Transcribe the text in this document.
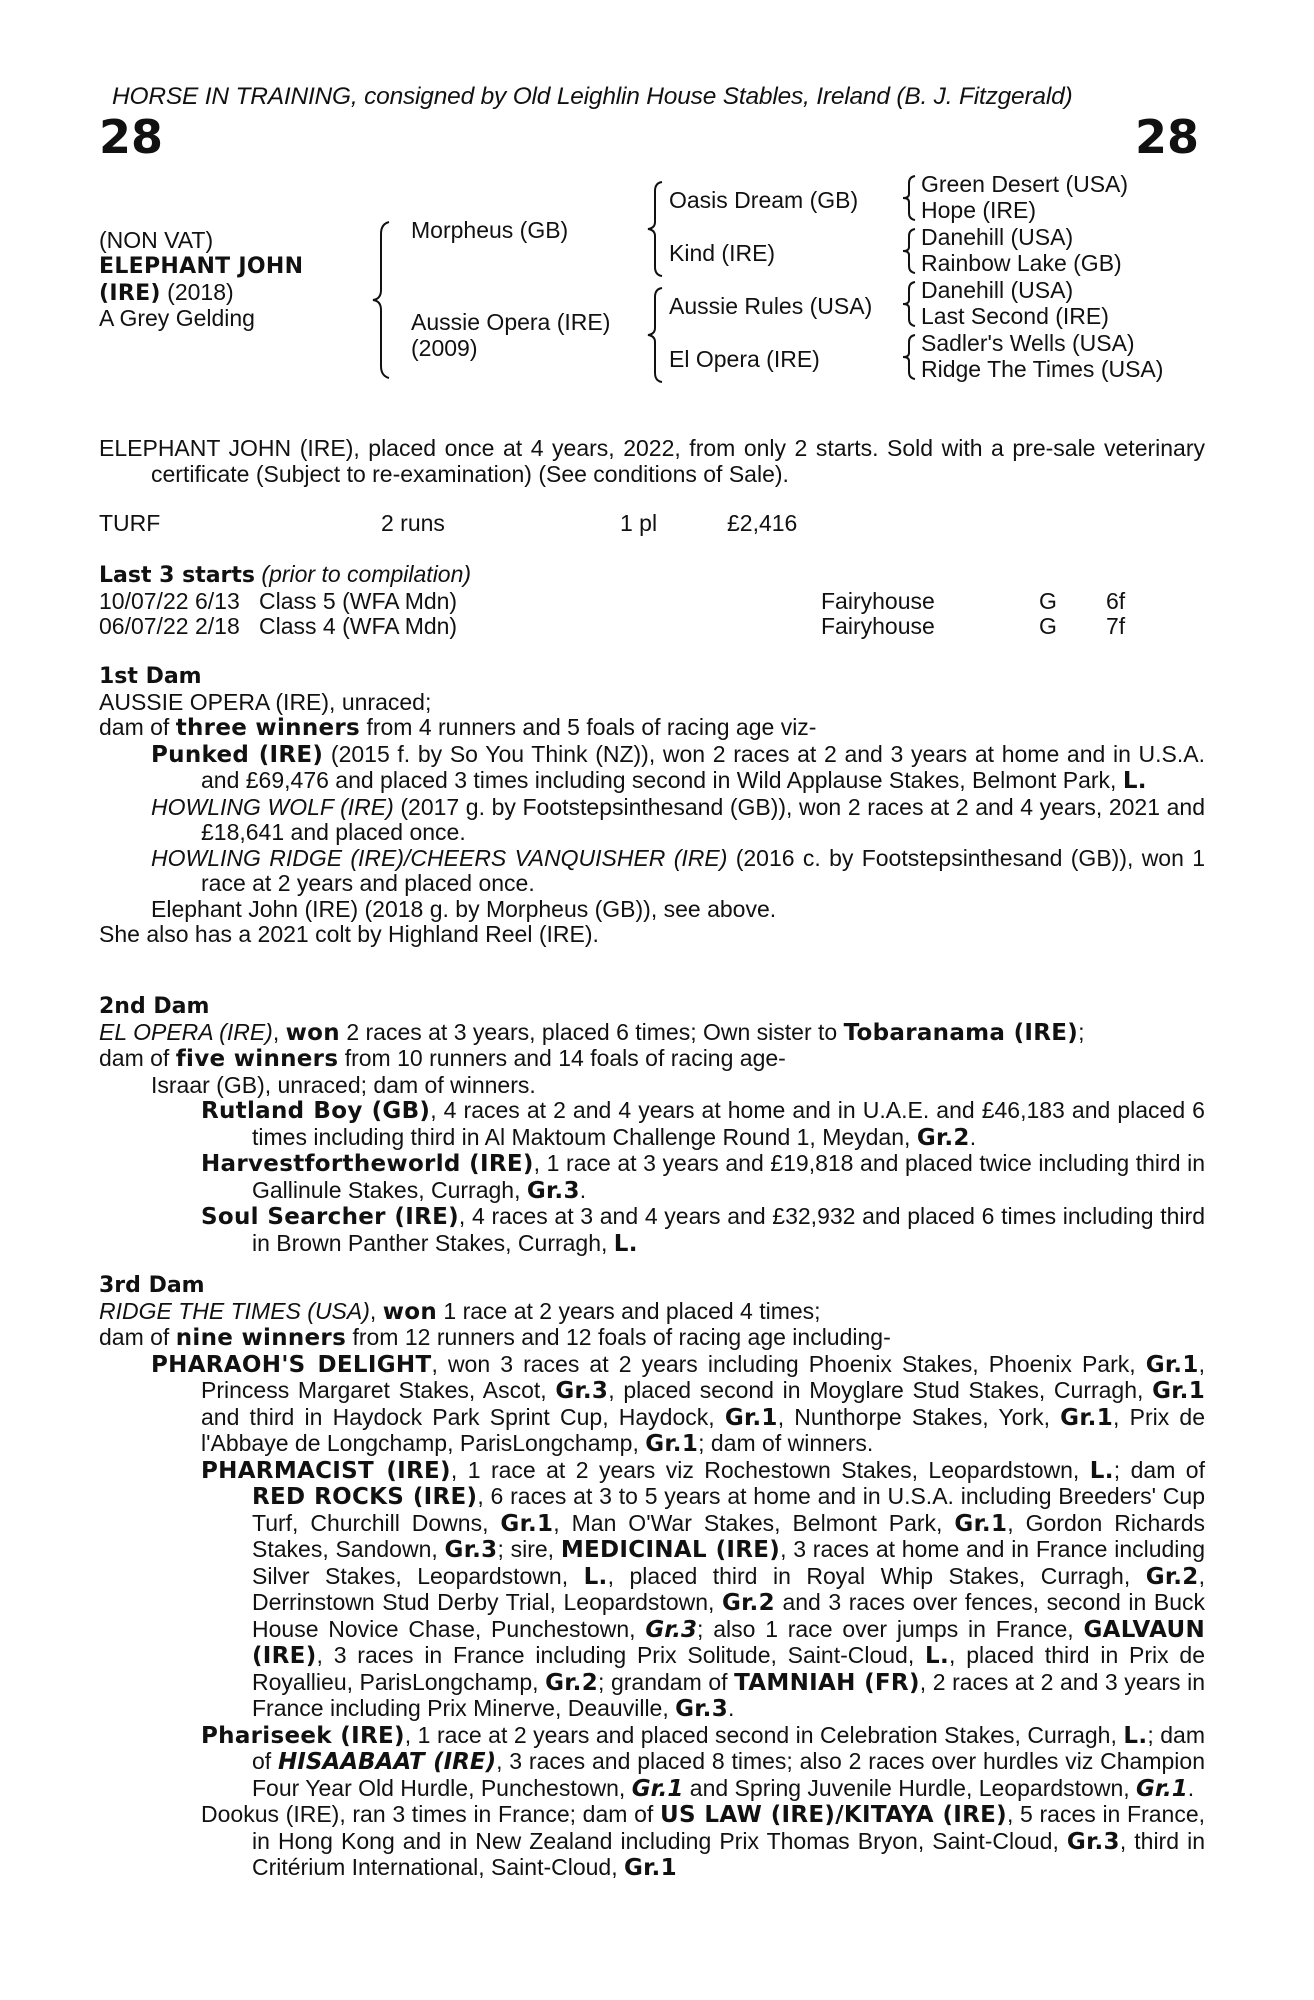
HORSE IN TRAINING, consigned by Old Leighlin House Stables, Ireland (B. J. Fitzgerald)
28	28
(NON VAT)
ELEPHANT JOHN
(IRE) (2018)
A Grey Gelding
Morpheus (GB)
Aussie Opera (IRE)
(2009)
Oasis Dream (GB)
Kind (IRE)
Aussie Rules (USA)
El Opera (IRE)
Green Desert (USA)
Hope (IRE)
Danehill (USA)
Rainbow Lake (GB)
Danehill (USA)
Last Second (IRE)
Sadler's Wells (USA)
Ridge The Times (USA)

ELEPHANT JOHN (IRE), placed once at 4 years, 2022, from only 2 starts. Sold with a pre-sale veterinary certificate (Subject to re-examination) (See conditions of Sale).

TURF	2 runs	1 pl	£2,416
Last 3 starts (prior to compilation)
10/07/22 6/13 Class 5 (WFA Mdn)	Fairyhouse	G 6f
06/07/22 2/18 Class 4 (WFA Mdn)	Fairyhouse	G 7f
1st Dam

AUSSIE OPERA (IRE), unraced;

dam of three winners from 4 runners and 5 foals of racing age viz-

Punked (IRE) (2015 f. by So You Think (NZ)), won 2 races at 2 and 3 years at home and in U.S.A. and £69,476 and placed 3 times including second in Wild Applause Stakes, Belmont Park, L.

HOWLING WOLF (IRE) (2017 g. by Footstepsinthesand (GB)), won 2 races at 2 and 4 years, 2021 and £18,641 and placed once.

HOWLING RIDGE (IRE)/CHEERS VANQUISHER (IRE) (2016 c. by Footstepsinthesand (GB)), won 1 race at 2 years and placed once.

Elephant John (IRE) (2018 g. by Morpheus (GB)), see above.

She also has a 2021 colt by Highland Reel (IRE).

2nd Dam

EL OPERA (IRE), won 2 races at 3 years, placed 6 times; Own sister to Tobaranama (IRE);

dam of five winners from 10 runners and 14 foals of racing age-

Israar (GB), unraced; dam of winners.

Rutland Boy (GB), 4 races at 2 and 4 years at home and in U.A.E. and £46,183 and placed 6 times including third in Al Maktoum Challenge Round 1, Meydan, Gr.2.

Harvestfortheworld (IRE), 1 race at 3 years and £19,818 and placed twice including third in Gallinule Stakes, Curragh, Gr.3.

Soul Searcher (IRE), 4 races at 3 and 4 years and £32,932 and placed 6 times including third in Brown Panther Stakes, Curragh, L.

3rd Dam

RIDGE THE TIMES (USA), won 1 race at 2 years and placed 4 times;

dam of nine winners from 12 runners and 12 foals of racing age including-

PHARAOH'S DELIGHT, won 3 races at 2 years including Phoenix Stakes, Phoenix Park, Gr.1, Princess Margaret Stakes, Ascot, Gr.3, placed second in Moyglare Stud Stakes, Curragh, Gr.1 and third in Haydock Park Sprint Cup, Haydock, Gr.1, Nunthorpe Stakes, York, Gr.1, Prix de l'Abbaye de Longchamp, ParisLongchamp, Gr.1; dam of winners.

PHARMACIST (IRE), 1 race at 2 years viz Rochestown Stakes, Leopardstown, L.; dam of RED ROCKS (IRE), 6 races at 3 to 5 years at home and in U.S.A. including Breeders' Cup Turf, Churchill Downs, Gr.1, Man O'War Stakes, Belmont Park, Gr.1, Gordon Richards Stakes, Sandown, Gr.3; sire, MEDICINAL (IRE), 3 races at home and in France including Silver Stakes, Leopardstown, L., placed third in Royal Whip Stakes, Curragh, Gr.2, Derrinstown Stud Derby Trial, Leopardstown, Gr.2 and 3 races over fences, second in Buck House Novice Chase, Punchestown, Gr.3; also 1 race over jumps in France, GALVAUN (IRE), 3 races in France including Prix Solitude, Saint-Cloud, L., placed third in Prix de Royallieu, ParisLongchamp, Gr.2; grandam of TAMNIAH (FR), 2 races at 2 and 3 years in France including Prix Minerve, Deauville, Gr.3.

Phariseek (IRE), 1 race at 2 years and placed second in Celebration Stakes, Curragh, L.; dam of HISAABAAT (IRE), 3 races and placed 8 times; also 2 races over hurdles viz Champion Four Year Old Hurdle, Punchestown, Gr.1 and Spring Juvenile Hurdle, Leopardstown, Gr.1.

Dookus (IRE), ran 3 times in France; dam of US LAW (IRE)/KITAYA (IRE), 5 races in France, in Hong Kong and in New Zealand including Prix Thomas Bryon, Saint-Cloud, Gr.3, third in Critérium International, Saint-Cloud, Gr.1
